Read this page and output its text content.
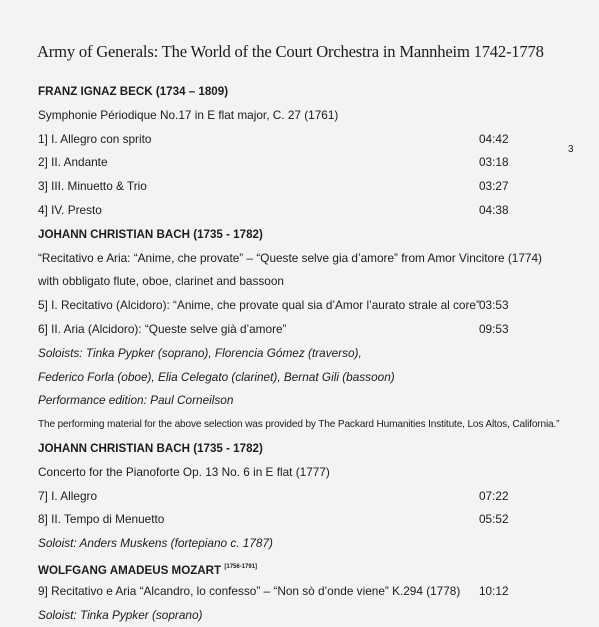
Army of Generals: The World of the Court Orchestra in Mannheim 1742-1778
3
FRANZ IGNAZ BECK (1734 – 1809)
Symphonie Périodique No.17 in E flat major, C. 27 (1761)
1] I. Allegro con sprito	04:42
2] II. Andante	03:18
3] III. Minuetto & Trio	03:27
4] IV. Presto	04:38
JOHANN CHRISTIAN BACH (1735 - 1782)
“Recitativo e Aria: “Anime, che provate” – “Queste selve gia d’amore” from Amor Vincitore (1774)
with obbligato flute, oboe, clarinet and bassoon
5] I. Recitativo (Alcidoro): “Anime, che provate qual sia d’Amor l’aurato strale al core” 03:53
6] II. Aria (Alcidoro): “Queste selve già d’amore”	09:53
Soloists: Tinka Pypker (soprano), Florencia Gómez (traverso),
Federico Forla (oboe), Elia Celegato (clarinet), Bernat Gili (bassoon)
Performance edition: Paul Corneilson
The performing material for the above selection was provided by The Packard Humanities Institute, Los Altos, California.”
JOHANN CHRISTIAN BACH (1735 - 1782)
Concerto for the Pianoforte Op. 13 No. 6 in E flat (1777)
7] I. Allegro	07:22
8] II. Tempo di Menuetto	05:52
Soloist: Anders Muskens (fortepiano c. 1787)
WOLFGANG AMADEUS MOZART [1756-1791]
9] Recitativo e Aria “Alcandro, lo confesso” – “Non sò d’onde viene” K.294 (1778) 10:12
Soloist: Tinka Pypker (soprano)
